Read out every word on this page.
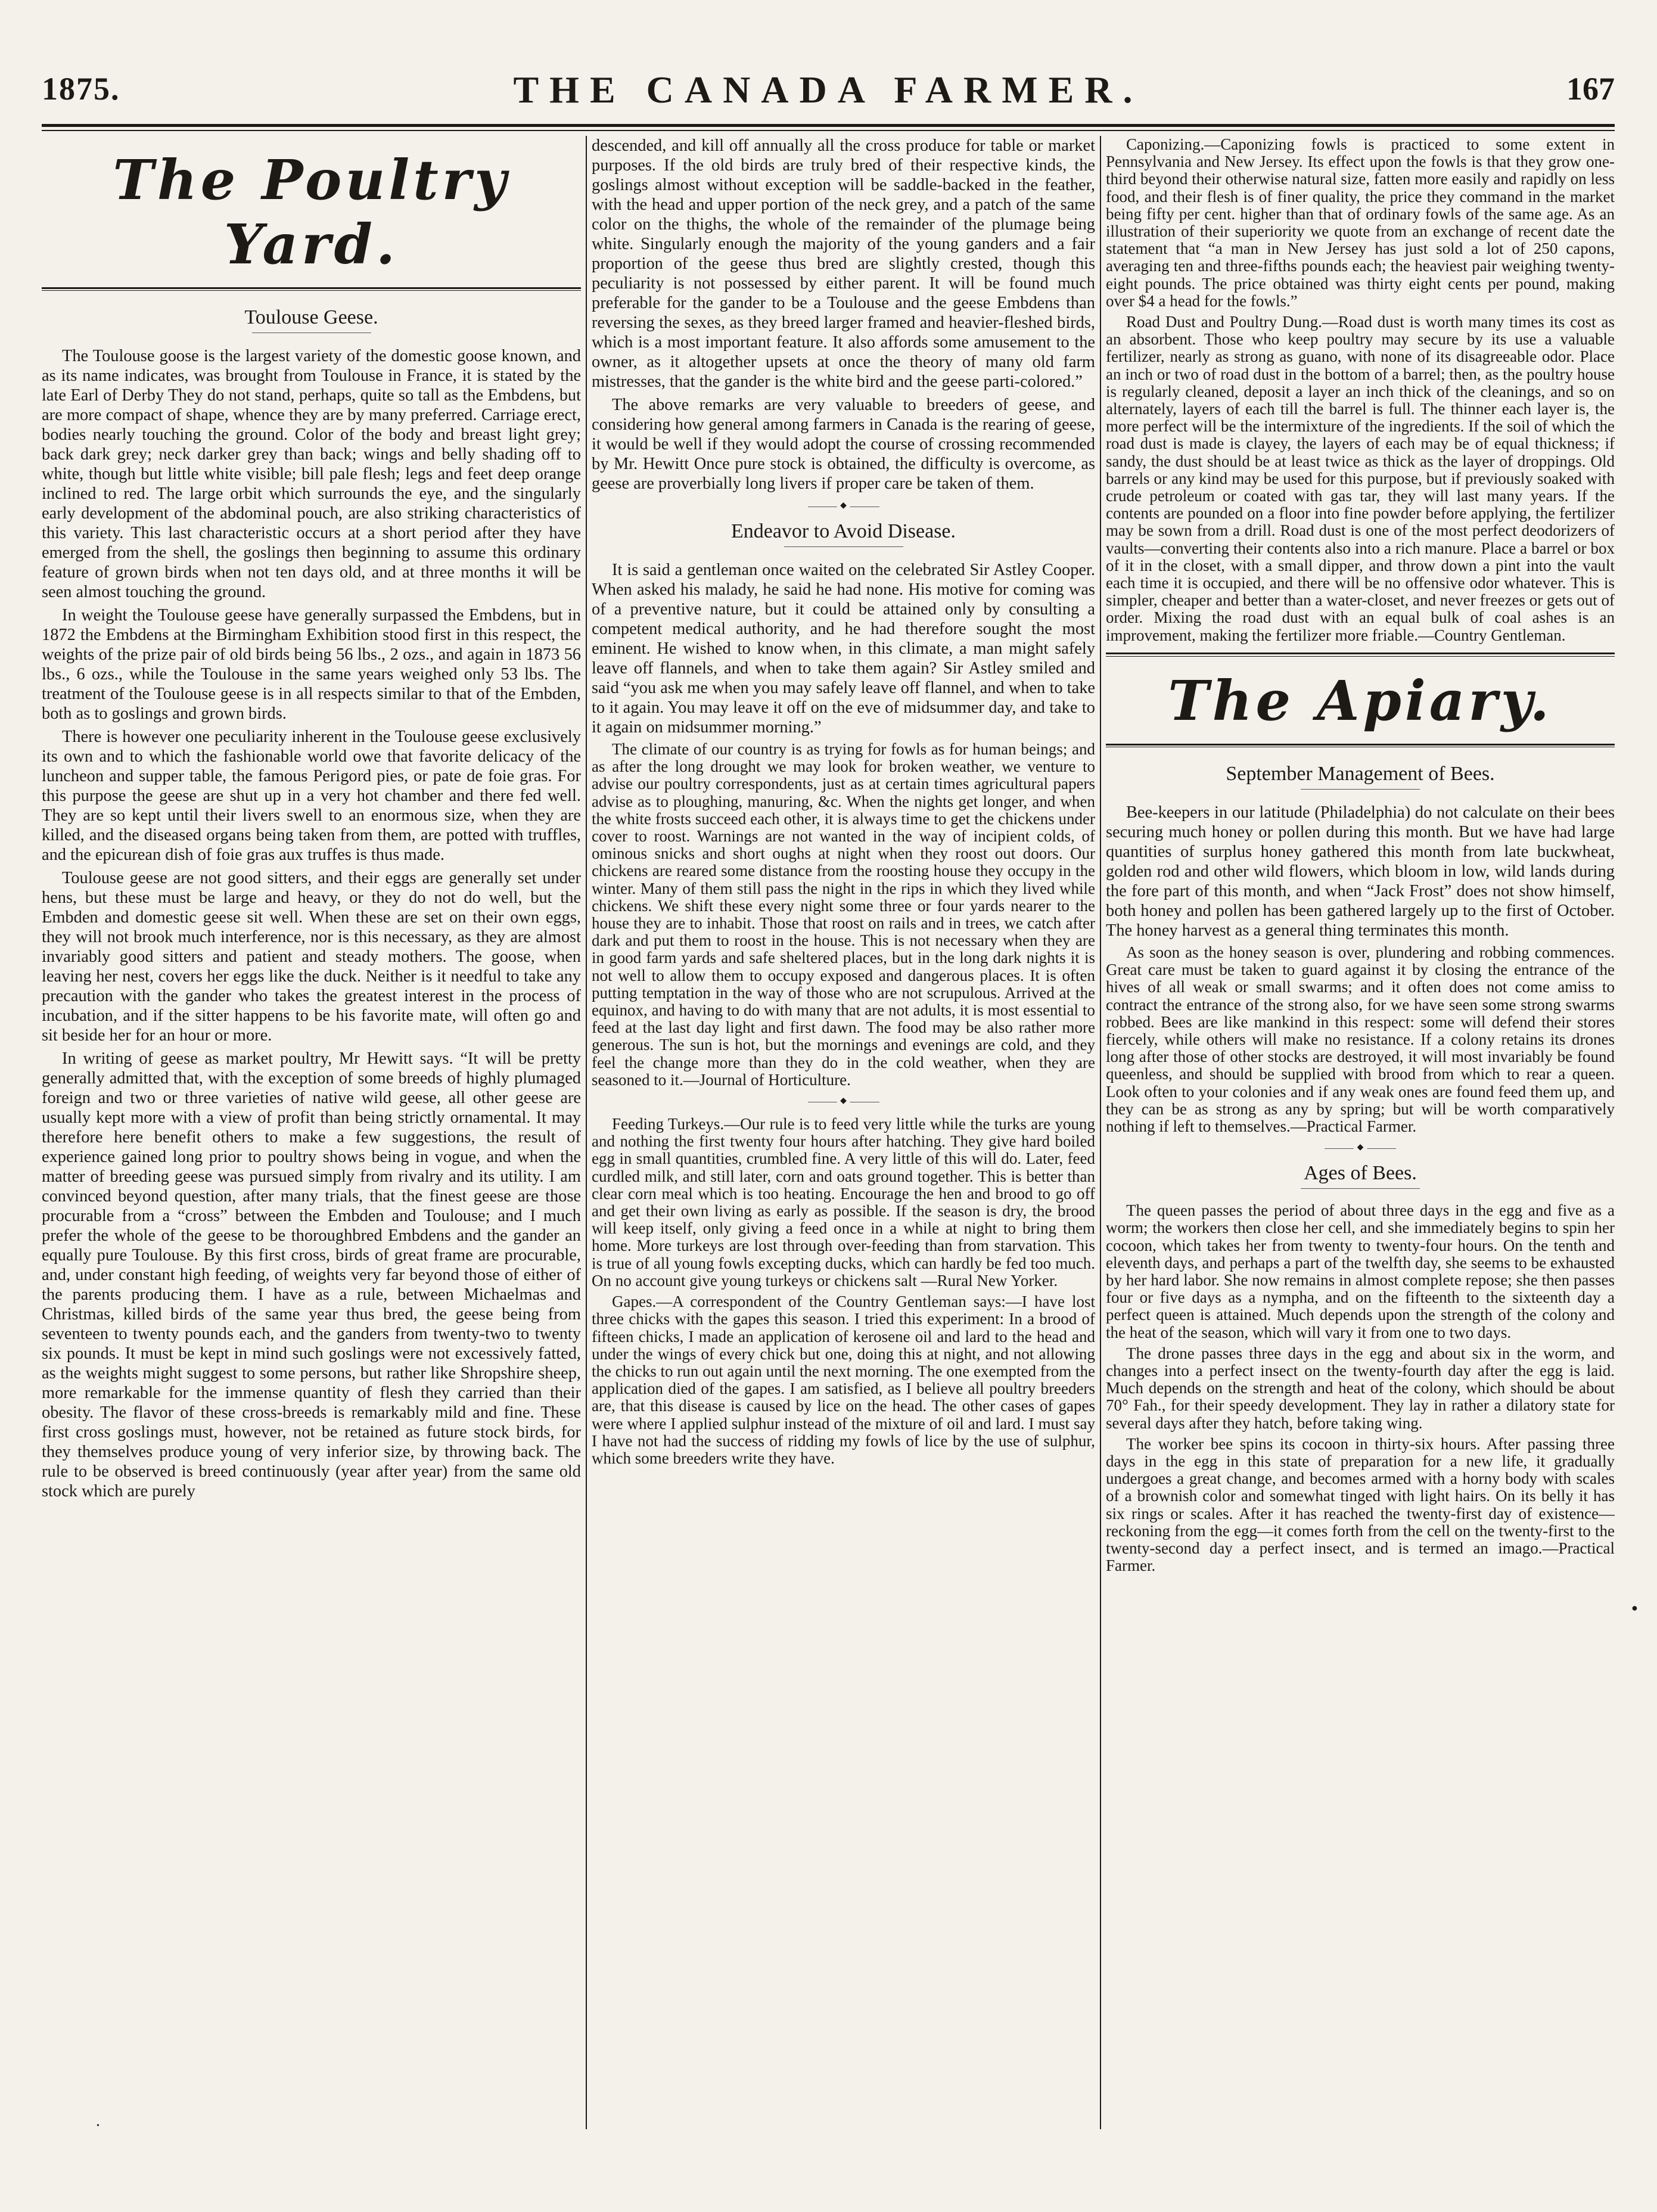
1875.	THE CANADA FARMER.	167
The Poultry Yard.
Toulouse Geese.

The Toulouse goose is the largest variety of the domestic goose known, and as its name indicates, was brought from Toulouse in France, it is stated by the late Earl of Derby They do not stand, perhaps, quite so tall as the Embdens, but are more compact of shape, whence they are by many preferred. Carriage erect, bodies nearly touching the ground. Color of the body and breast light grey; back dark grey; neck darker grey than back; wings and belly shading off to white, though but little white visible; bill pale flesh; legs and feet deep orange inclined to red. The large orbit which surrounds the eye, and the singularly early development of the abdominal pouch, are also striking characteristics of this variety. This last characteristic occurs at a short period after they have emerged from the shell, the goslings then beginning to assume this ordinary feature of grown birds when not ten days old, and at three months it will be seen almost touching the ground.

In weight the Toulouse geese have generally surpassed the Embdens, but in 1872 the Embdens at the Birmingham Exhibition stood first in this respect, the weights of the prize pair of old birds being 56 lbs., 2 ozs., and again in 1873 56 lbs., 6 ozs., while the Toulouse in the same years weighed only 53 lbs. The treatment of the Toulouse geese is in all respects similar to that of the Embden, both as to goslings and grown birds.

There is however one peculiarity inherent in the Toulouse geese exclusively its own and to which the fashionable world owe that favorite delicacy of the luncheon and supper table, the famous Perigord pies, or pate de foie gras. For this purpose the geese are shut up in a very hot chamber and there fed well. They are so kept until their livers swell to an enormous size, when they are killed, and the diseased organs being taken from them, are potted with truffles, and the epicurean dish of foie gras aux truffes is thus made.

Toulouse geese are not good sitters, and their eggs are generally set under hens, but these must be large and heavy, or they do not do well, but the Embden and domestic geese sit well. When these are set on their own eggs, they will not brook much interference, nor is this necessary, as they are almost invariably good sitters and patient and steady mothers. The goose, when leaving her nest, covers her eggs like the duck. Neither is it needful to take any precaution with the gander who takes the greatest interest in the process of incubation, and if the sitter happens to be his favorite mate, will often go and sit beside her for an hour or more.

In writing of geese as market poultry, Mr Hewitt says. “It will be pretty generally admitted that, with the exception of some breeds of highly plumaged foreign and two or three varieties of native wild geese, all other geese are usually kept more with a view of profit than being strictly ornamental. It may therefore here benefit others to make a few suggestions, the result of experience gained long prior to poultry shows being in vogue, and when the matter of breeding geese was pursued simply from rivalry and its utility. I am convinced beyond question, after many trials, that the finest geese are those procurable from a “cross” between the Embden and Toulouse; and I much prefer the whole of the geese to be thoroughbred Embdens and the gander an equally pure Toulouse. By this first cross, birds of great frame are procurable, and, under constant high feeding, of weights very far beyond those of either of the parents producing them. I have as a rule, between Michaelmas and Christmas, killed birds of the same year thus bred, the geese being from seventeen to twenty pounds each, and the ganders from twenty-two to twenty six pounds. It must be kept in mind such goslings were not excessively fatted, as the weights might suggest to some persons, but rather like Shropshire sheep, more remarkable for the immense quantity of flesh they carried than their obesity. The flavor of these cross-breeds is remarkably mild and fine. These first cross goslings must, however, not be retained as future stock birds, for they themselves produce young of very inferior size, by throwing back. The rule to be observed is breed continuously (year after year) from the same old stock which are purely

descended, and kill off annually all the cross produce for table or market purposes. If the old birds are truly bred of their respective kinds, the goslings almost without exception will be saddle-backed in the feather, with the head and upper portion of the neck grey, and a patch of the same color on the thighs, the whole of the remainder of the plumage being white. Singularly enough the majority of the young ganders and a fair proportion of the geese thus bred are slightly crested, though this peculiarity is not possessed by either parent. It will be found much preferable for the gander to be a Toulouse and the geese Embdens than reversing the sexes, as they breed larger framed and heavier-fleshed birds, which is a most important feature. It also affords some amusement to the owner, as it altogether upsets at once the theory of many old farm mistresses, that the gander is the white bird and the geese parti-colored.”

The above remarks are very valuable to breeders of geese, and considering how general among farmers in Canada is the rearing of geese, it would be well if they would adopt the course of crossing recommended by Mr. Hewitt Once pure stock is obtained, the difficulty is overcome, as geese are proverbially long livers if proper care be taken of them.

◆
Endeavor to Avoid Disease.

It is said a gentleman once waited on the celebrated Sir Astley Cooper. When asked his malady, he said he had none. His motive for coming was of a preventive nature, but it could be attained only by consulting a competent medical authority, and he had therefore sought the most eminent. He wished to know when, in this climate, a man might safely leave off flannels, and when to take them again? Sir Astley smiled and said “you ask me when you may safely leave off flannel, and when to take to it again. You may leave it off on the eve of midsummer day, and take to it again on midsummer morning.”

The climate of our country is as trying for fowls as for human beings; and as after the long drought we may look for broken weather, we venture to advise our poultry correspondents, just as at certain times agricultural papers advise as to ploughing, manuring, &c. When the nights get longer, and when the white frosts succeed each other, it is always time to get the chickens under cover to roost. Warnings are not wanted in the way of incipient colds, of ominous snicks and short oughs at night when they roost out doors. Our chickens are reared some distance from the roosting house they occupy in the winter. Many of them still pass the night in the rips in which they lived while chickens. We shift these every night some three or four yards nearer to the house they are to inhabit. Those that roost on rails and in trees, we catch after dark and put them to roost in the house. This is not necessary when they are in good farm yards and safe sheltered places, but in the long dark nights it is not well to allow them to occupy exposed and dangerous places. It is often putting temptation in the way of those who are not scrupulous. Arrived at the equinox, and having to do with many that are not adults, it is most essential to feed at the last day light and first dawn. The food may be also rather more generous. The sun is hot, but the mornings and evenings are cold, and they feel the change more than they do in the cold weather, when they are seasoned to it.—Journal of Horticulture.

◆

Feeding Turkeys.—Our rule is to feed very little while the turks are young and nothing the first twenty four hours after hatching. They give hard boiled egg in small quantities, crumbled fine. A very little of this will do. Later, feed curdled milk, and still later, corn and oats ground together. This is better than clear corn meal which is too heating. Encourage the hen and brood to go off and get their own living as early as possible. If the season is dry, the brood will keep itself, only giving a feed once in a while at night to bring them home. More turkeys are lost through over-feeding than from starvation. This is true of all young fowls excepting ducks, which can hardly be fed too much. On no account give young turkeys or chickens salt —Rural New Yorker.

Gapes.—A correspondent of the Country Gentleman says:—I have lost three chicks with the gapes this season. I tried this experiment: In a brood of fifteen chicks, I made an application of kerosene oil and lard to the head and under the wings of every chick but one, doing this at night, and not allowing the chicks to run out again until the next morning. The one exempted from the application died of the gapes. I am satisfied, as I believe all poultry breeders are, that this disease is caused by lice on the head. The other cases of gapes were where I applied sulphur instead of the mixture of oil and lard. I must say I have not had the success of ridding my fowls of lice by the use of sulphur, which some breeders write they have.

Caponizing.—Caponizing fowls is practiced to some extent in Pennsylvania and New Jersey. Its effect upon the fowls is that they grow one-third beyond their otherwise natural size, fatten more easily and rapidly on less food, and their flesh is of finer quality, the price they command in the market being fifty per cent. higher than that of ordinary fowls of the same age. As an illustration of their superiority we quote from an exchange of recent date the statement that “a man in New Jersey has just sold a lot of 250 capons, averaging ten and three-fifths pounds each; the heaviest pair weighing twenty-eight pounds. The price obtained was thirty eight cents per pound, making over $4 a head for the fowls.”

Road Dust and Poultry Dung.—Road dust is worth many times its cost as an absorbent. Those who keep poultry may secure by its use a valuable fertilizer, nearly as strong as guano, with none of its disagreeable odor. Place an inch or two of road dust in the bottom of a barrel; then, as the poultry house is regularly cleaned, deposit a layer an inch thick of the cleanings, and so on alternately, layers of each till the barrel is full. The thinner each layer is, the more perfect will be the intermixture of the ingredients. If the soil of which the road dust is made is clayey, the layers of each may be of equal thickness; if sandy, the dust should be at least twice as thick as the layer of droppings. Old barrels or any kind may be used for this purpose, but if previously soaked with crude petroleum or coated with gas tar, they will last many years. If the contents are pounded on a floor into fine powder before applying, the fertilizer may be sown from a drill. Road dust is one of the most perfect deodorizers of vaults—converting their contents also into a rich manure. Place a barrel or box of it in the closet, with a small dipper, and throw down a pint into the vault each time it is occupied, and there will be no offensive odor whatever. This is simpler, cheaper and better than a water-closet, and never freezes or gets out of order. Mixing the road dust with an equal bulk of coal ashes is an improvement, making the fertilizer more friable.—Country Gentleman.

The Apiary.
September Management of Bees.

Bee-keepers in our latitude (Philadelphia) do not calculate on their bees securing much honey or pollen during this month. But we have had large quantities of surplus honey gathered this month from late buckwheat, golden rod and other wild flowers, which bloom in low, wild lands during the fore part of this month, and when “Jack Frost” does not show himself, both honey and pollen has been gathered largely up to the first of October. The honey harvest as a general thing terminates this month.

As soon as the honey season is over, plundering and robbing commences. Great care must be taken to guard against it by closing the entrance of the hives of all weak or small swarms; and it often does not come amiss to contract the entrance of the strong also, for we have seen some strong swarms robbed. Bees are like mankind in this respect: some will defend their stores fiercely, while others will make no resistance. If a colony retains its drones long after those of other stocks are destroyed, it will most invariably be found queenless, and should be supplied with brood from which to rear a queen. Look often to your colonies and if any weak ones are found feed them up, and they can be as strong as any by spring; but will be worth comparatively nothing if left to themselves.—Practical Farmer.

◆
Ages of Bees.

The queen passes the period of about three days in the egg and five as a worm; the workers then close her cell, and she immediately begins to spin her cocoon, which takes her from twenty to twenty-four hours. On the tenth and eleventh days, and perhaps a part of the twelfth day, she seems to be exhausted by her hard labor. She now remains in almost complete repose; she then passes four or five days as a nympha, and on the fifteenth to the sixteenth day a perfect queen is attained. Much depends upon the strength of the colony and the heat of the season, which will vary it from one to two days.

The drone passes three days in the egg and about six in the worm, and changes into a perfect insect on the twenty-fourth day after the egg is laid. Much depends on the strength and heat of the colony, which should be about 70° Fah., for their speedy development. They lay in rather a dilatory state for several days after they hatch, before taking wing.

The worker bee spins its cocoon in thirty-six hours. After passing three days in the egg in this state of preparation for a new life, it gradually undergoes a great change, and becomes armed with a horny body with scales of a brownish color and somewhat tinged with light hairs. On its belly it has six rings or scales. After it has reached the twenty-first day of existence—reckoning from the egg—it comes forth from the cell on the twenty-first to the twenty-second day a perfect insect, and is termed an imago.—Practical Farmer.

●
•
